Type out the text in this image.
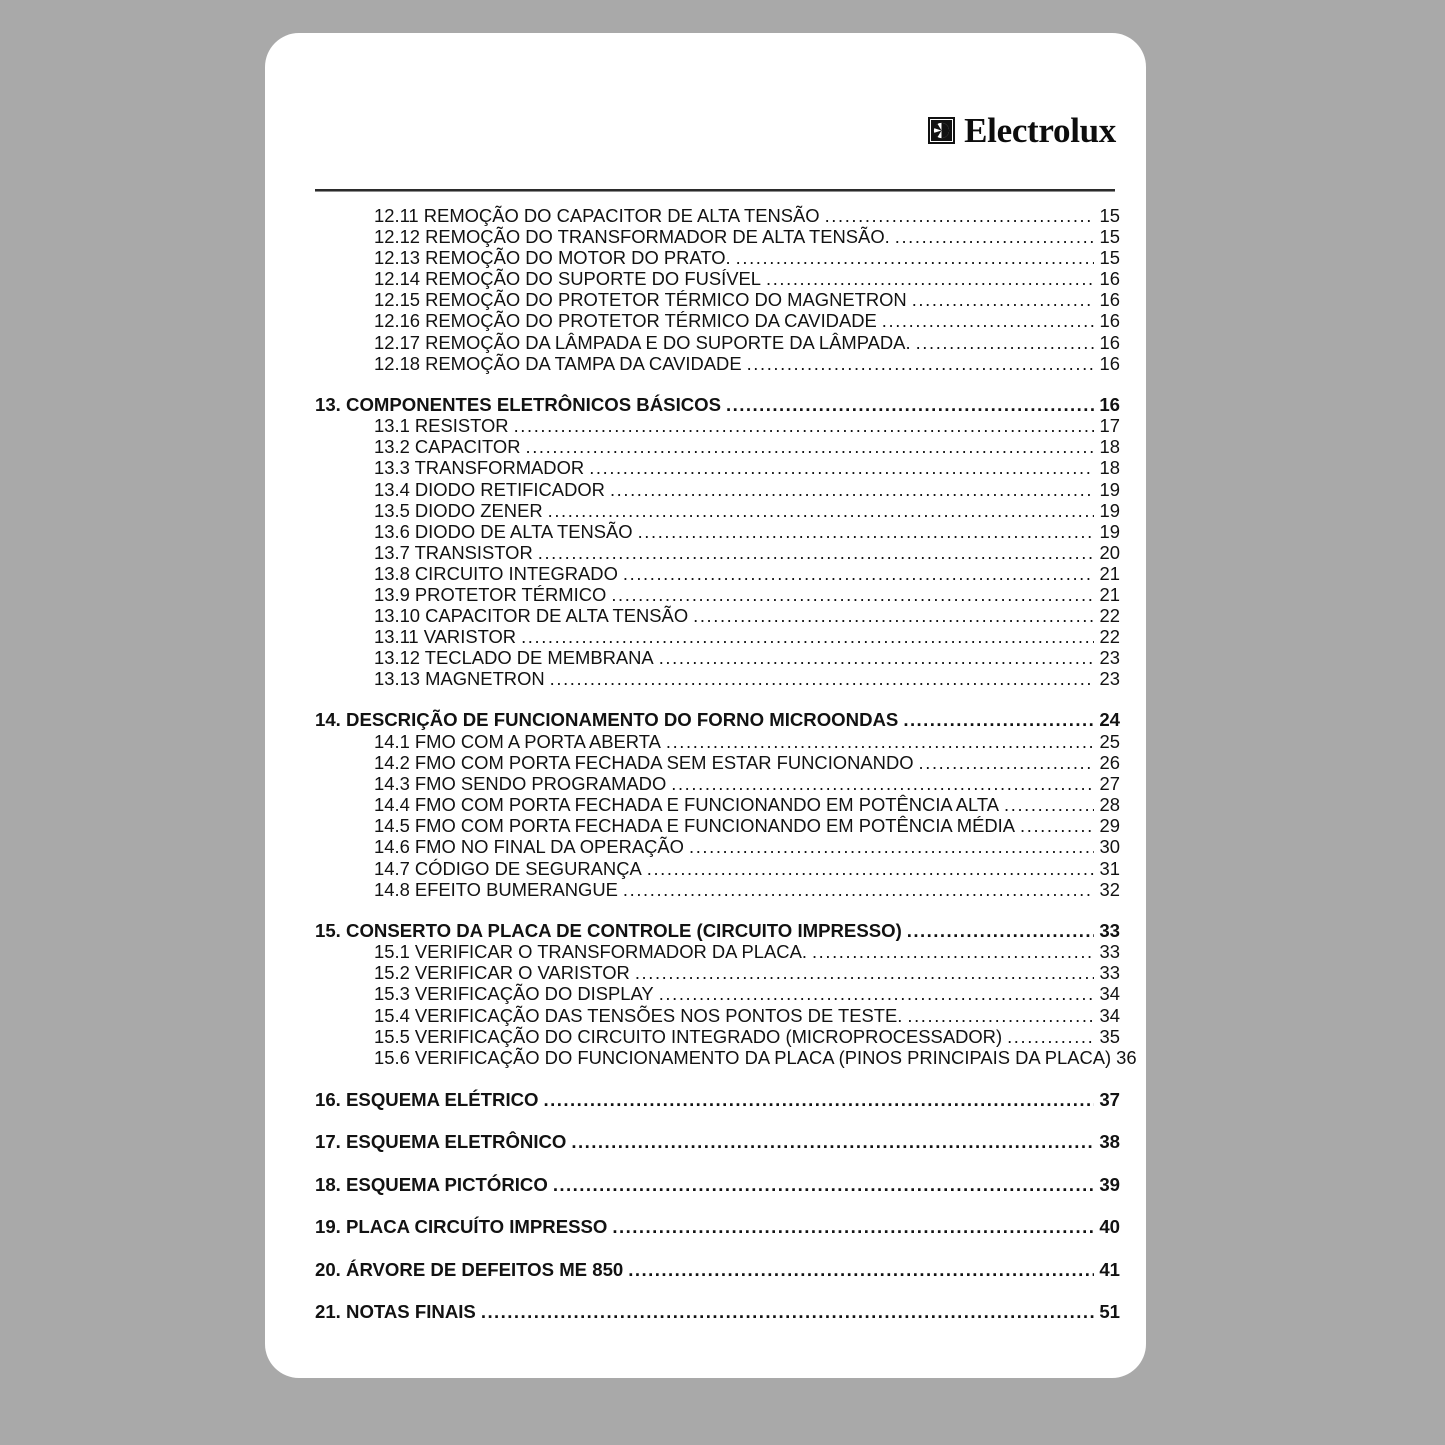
Electrolux
12.11 REMOÇÃO DO CAPACITOR DE ALTA TENSÃO .....	15
12.12 REMOÇÃO DO TRANSFORMADOR DE ALTA TENSÃO. .....	15
12.13 REMOÇÃO DO MOTOR DO PRATO. .....	15
12.14 REMOÇÃO DO SUPORTE DO FUSÍVEL .....	16
12.15 REMOÇÃO DO PROTETOR TÉRMICO DO MAGNETRON .....	16
12.16 REMOÇÃO DO PROTETOR TÉRMICO DA CAVIDADE .....	16
12.17 REMOÇÃO DA LÂMPADA E DO SUPORTE DA LÂMPADA. .....	16
12.18 REMOÇÃO DA TAMPA DA CAVIDADE .....	16
13. COMPONENTES ELETRÔNICOS BÁSICOS .....	16
13.1 RESISTOR .....	17
13.2 CAPACITOR .....	18
13.3 TRANSFORMADOR .....	18
13.4 DIODO RETIFICADOR .....	19
13.5 DIODO ZENER .....	19
13.6 DIODO DE ALTA TENSÃO .....	19
13.7 TRANSISTOR .....	20
13.8 CIRCUITO INTEGRADO .....	21
13.9 PROTETOR TÉRMICO .....	21
13.10 CAPACITOR DE ALTA TENSÃO .....	22
13.11 VARISTOR .....	22
13.12 TECLADO DE MEMBRANA .....	23
13.13 MAGNETRON .....	23
14. DESCRIÇÃO DE FUNCIONAMENTO DO FORNO MICROONDAS .....	24
14.1 FMO COM A PORTA ABERTA .....	25
14.2 FMO COM PORTA FECHADA SEM ESTAR FUNCIONANDO .....	26
14.3 FMO SENDO PROGRAMADO .....	27
14.4 FMO COM PORTA FECHADA E FUNCIONANDO EM POTÊNCIA ALTA .....	28
14.5 FMO COM PORTA FECHADA E FUNCIONANDO EM POTÊNCIA MÉDIA .....	29
14.6 FMO NO FINAL DA OPERAÇÃO .....	30
14.7 CÓDIGO DE SEGURANÇA .....	31
14.8 EFEITO BUMERANGUE .....	32
15. CONSERTO DA PLACA DE CONTROLE (CIRCUITO IMPRESSO) .....	33
15.1 VERIFICAR O TRANSFORMADOR DA PLACA. .....	33
15.2 VERIFICAR O VARISTOR .....	33
15.3 VERIFICAÇÃO DO DISPLAY .....	34
15.4 VERIFICAÇÃO DAS TENSÕES NOS PONTOS DE TESTE. .....	34
15.5 VERIFICAÇÃO DO CIRCUITO INTEGRADO (MICROPROCESSADOR) .....	35
15.6 VERIFICAÇÃO DO FUNCIONAMENTO DA PLACA (PINOS PRINCIPAIS DA PLACA) 36
16. ESQUEMA ELÉTRICO .....	37
17. ESQUEMA ELETRÔNICO .....	38
18. ESQUEMA PICTÓRICO .....	39
19. PLACA CIRCUÍTO IMPRESSO .....	40
20. ÁRVORE DE DEFEITOS ME 850 .....	41
21. NOTAS FINAIS .....	51
